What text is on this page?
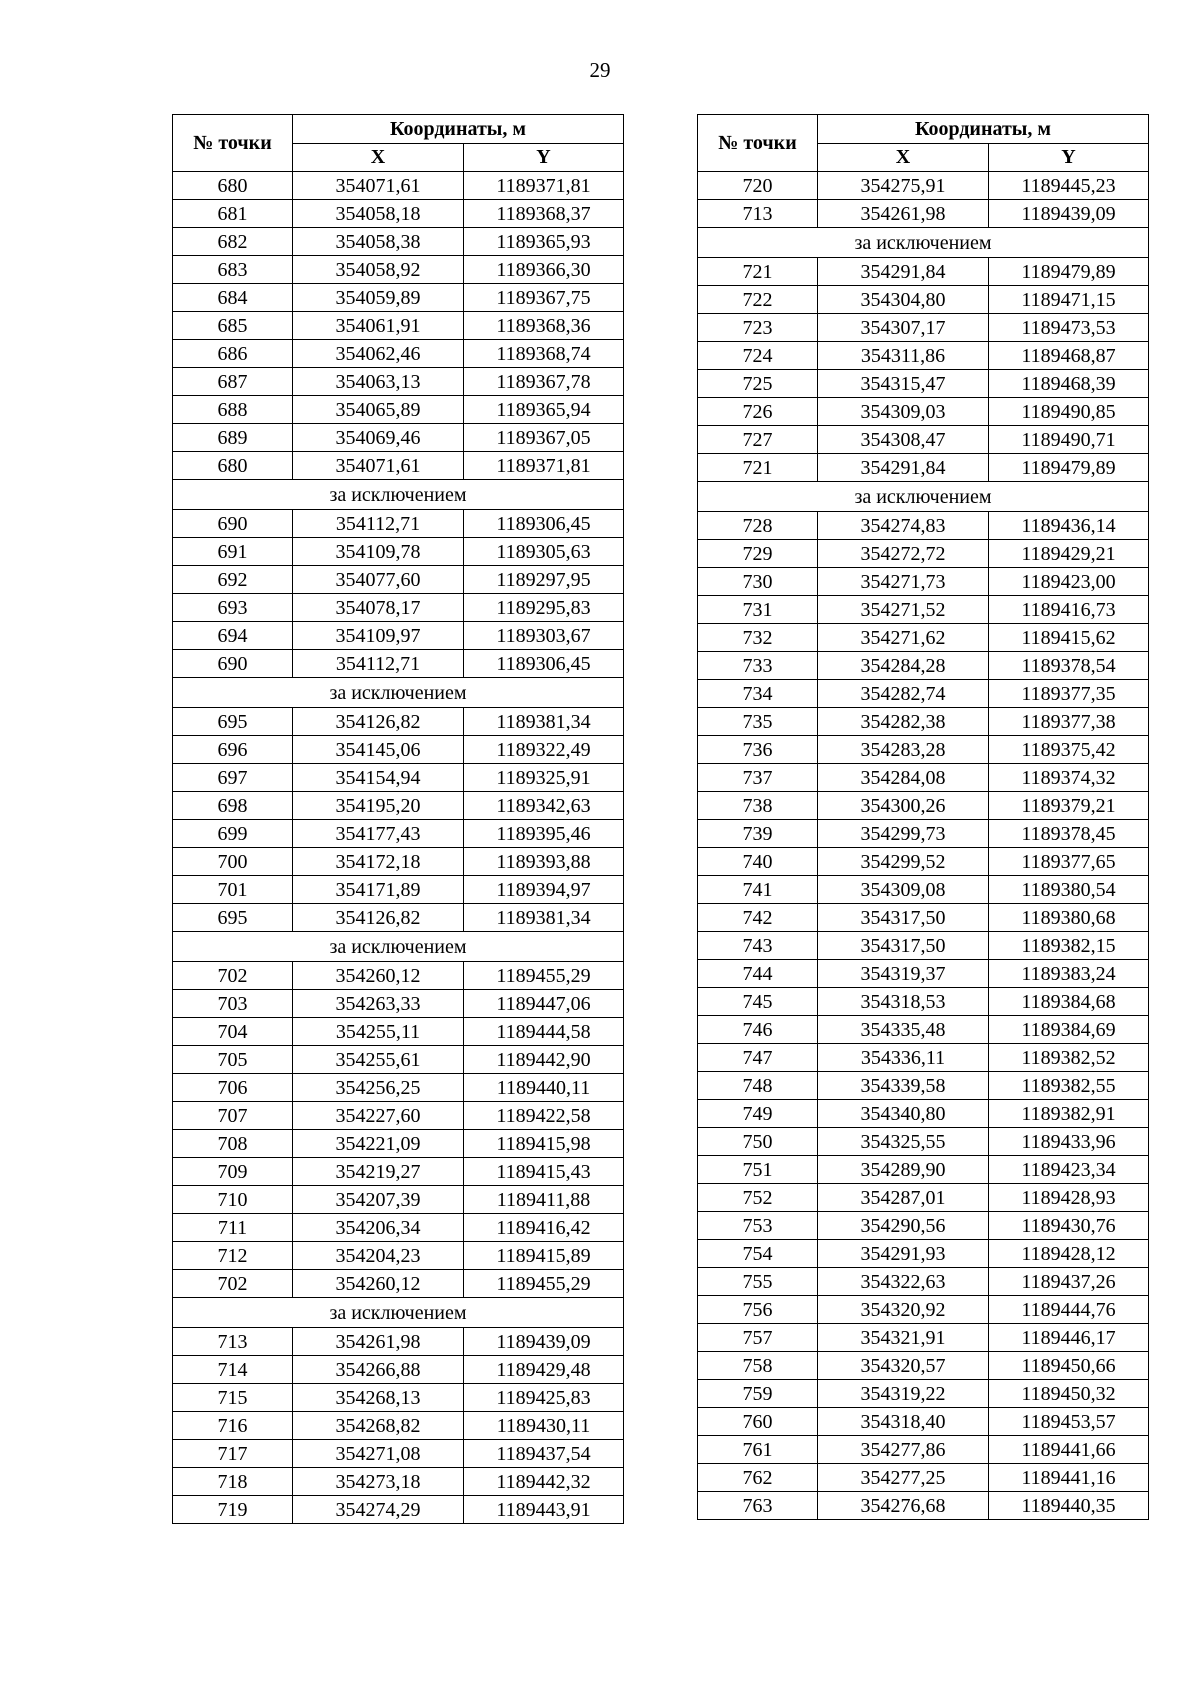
29
№ точки	Координаты, м	
	X	Y
680	354071,61	1189371,81
681	354058,18	1189368,37
682	354058,38	1189365,93
683	354058,92	1189366,30
684	354059,89	1189367,75
685	354061,91	1189368,36
686	354062,46	1189368,74
687	354063,13	1189367,78
688	354065,89	1189365,94
689	354069,46	1189367,05
680	354071,61	1189371,81
за исключением		
690	354112,71	1189306,45
691	354109,78	1189305,63
692	354077,60	1189297,95
693	354078,17	1189295,83
694	354109,97	1189303,67
690	354112,71	1189306,45
за исключением		
695	354126,82	1189381,34
696	354145,06	1189322,49
697	354154,94	1189325,91
698	354195,20	1189342,63
699	354177,43	1189395,46
700	354172,18	1189393,88
701	354171,89	1189394,97
695	354126,82	1189381,34
за исключением		
702	354260,12	1189455,29
703	354263,33	1189447,06
704	354255,11	1189444,58
705	354255,61	1189442,90
706	354256,25	1189440,11
707	354227,60	1189422,58
708	354221,09	1189415,98
709	354219,27	1189415,43
710	354207,39	1189411,88
711	354206,34	1189416,42
712	354204,23	1189415,89
702	354260,12	1189455,29
за исключением		
713	354261,98	1189439,09
714	354266,88	1189429,48
715	354268,13	1189425,83
716	354268,82	1189430,11
717	354271,08	1189437,54
718	354273,18	1189442,32
719	354274,29	1189443,91
№ точки	Координаты, м	
	X	Y
720	354275,91	1189445,23
713	354261,98	1189439,09
за исключением		
721	354291,84	1189479,89
722	354304,80	1189471,15
723	354307,17	1189473,53
724	354311,86	1189468,87
725	354315,47	1189468,39
726	354309,03	1189490,85
727	354308,47	1189490,71
721	354291,84	1189479,89
за исключением		
728	354274,83	1189436,14
729	354272,72	1189429,21
730	354271,73	1189423,00
731	354271,52	1189416,73
732	354271,62	1189415,62
733	354284,28	1189378,54
734	354282,74	1189377,35
735	354282,38	1189377,38
736	354283,28	1189375,42
737	354284,08	1189374,32
738	354300,26	1189379,21
739	354299,73	1189378,45
740	354299,52	1189377,65
741	354309,08	1189380,54
742	354317,50	1189380,68
743	354317,50	1189382,15
744	354319,37	1189383,24
745	354318,53	1189384,68
746	354335,48	1189384,69
747	354336,11	1189382,52
748	354339,58	1189382,55
749	354340,80	1189382,91
750	354325,55	1189433,96
751	354289,90	1189423,34
752	354287,01	1189428,93
753	354290,56	1189430,76
754	354291,93	1189428,12
755	354322,63	1189437,26
756	354320,92	1189444,76
757	354321,91	1189446,17
758	354320,57	1189450,66
759	354319,22	1189450,32
760	354318,40	1189453,57
761	354277,86	1189441,66
762	354277,25	1189441,16
763	354276,68	1189440,35
